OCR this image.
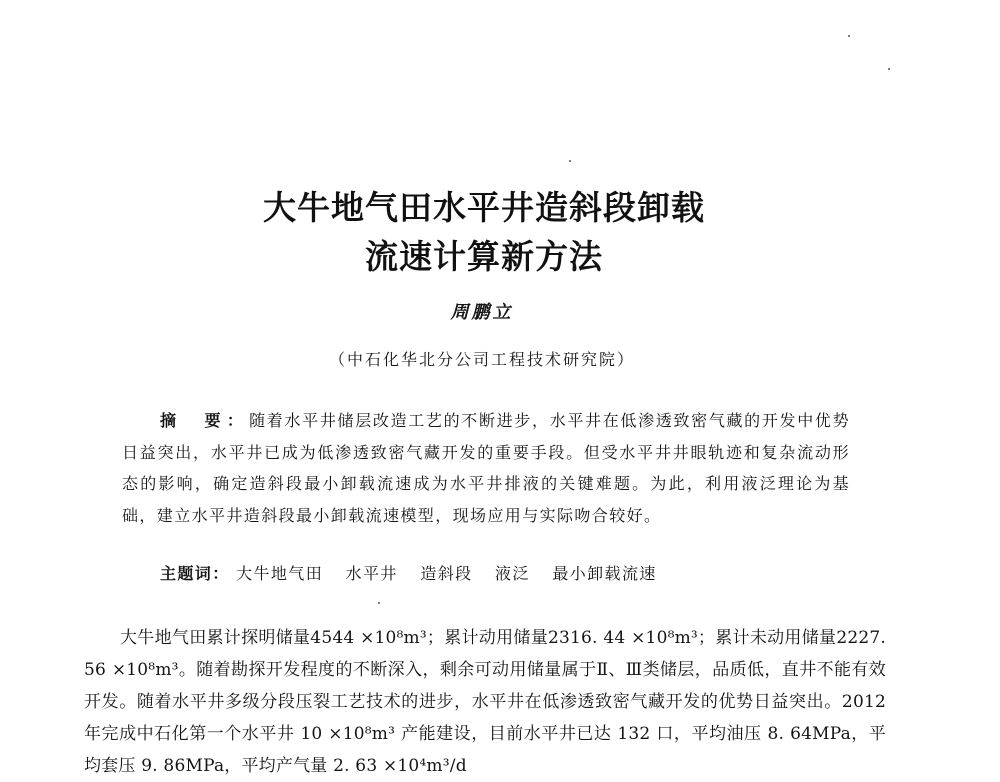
大牛地气田水平井造斜段卸载
流速计算新方法
周鹏立
（中石化华北分公司工程技术研究院）
摘　要：随着水平井储层改造工艺的不断进步，水平井在低渗透致密气藏的开发中优势日益突出，水平井已成为低渗透致密气藏开发的重要手段。但受水平井井眼轨迹和复杂流动形态的影响，确定造斜段最小卸载流速成为水平井排液的关键难题。为此，利用液泛理论为基础，建立水平井造斜段最小卸载流速模型，现场应用与实际吻合较好。
主题词： 大牛地气田 水平井 造斜段 液泛 最小卸载流速
大牛地气田累计探明储量4544 ×10⁸m³；累计动用储量2316. 44 ×10⁸m³；累计未动用储量2227. 56 ×10⁸m³。随着勘探开发程度的不断深入，剩余可动用储量属于Ⅱ、Ⅲ类储层，品质低，直井不能有效开发。随着水平井多级分段压裂工艺技术的进步，水平井在低渗透致密气藏开发的优势日益突出。2012 年完成中石化第一个水平井 10 ×10⁸m³ 产能建设，目前水平井已达 132 口，平均油压 8. 64MPa，平均套压 9. 86MPa，平均产气量 2. 63 ×10⁴m³/d
